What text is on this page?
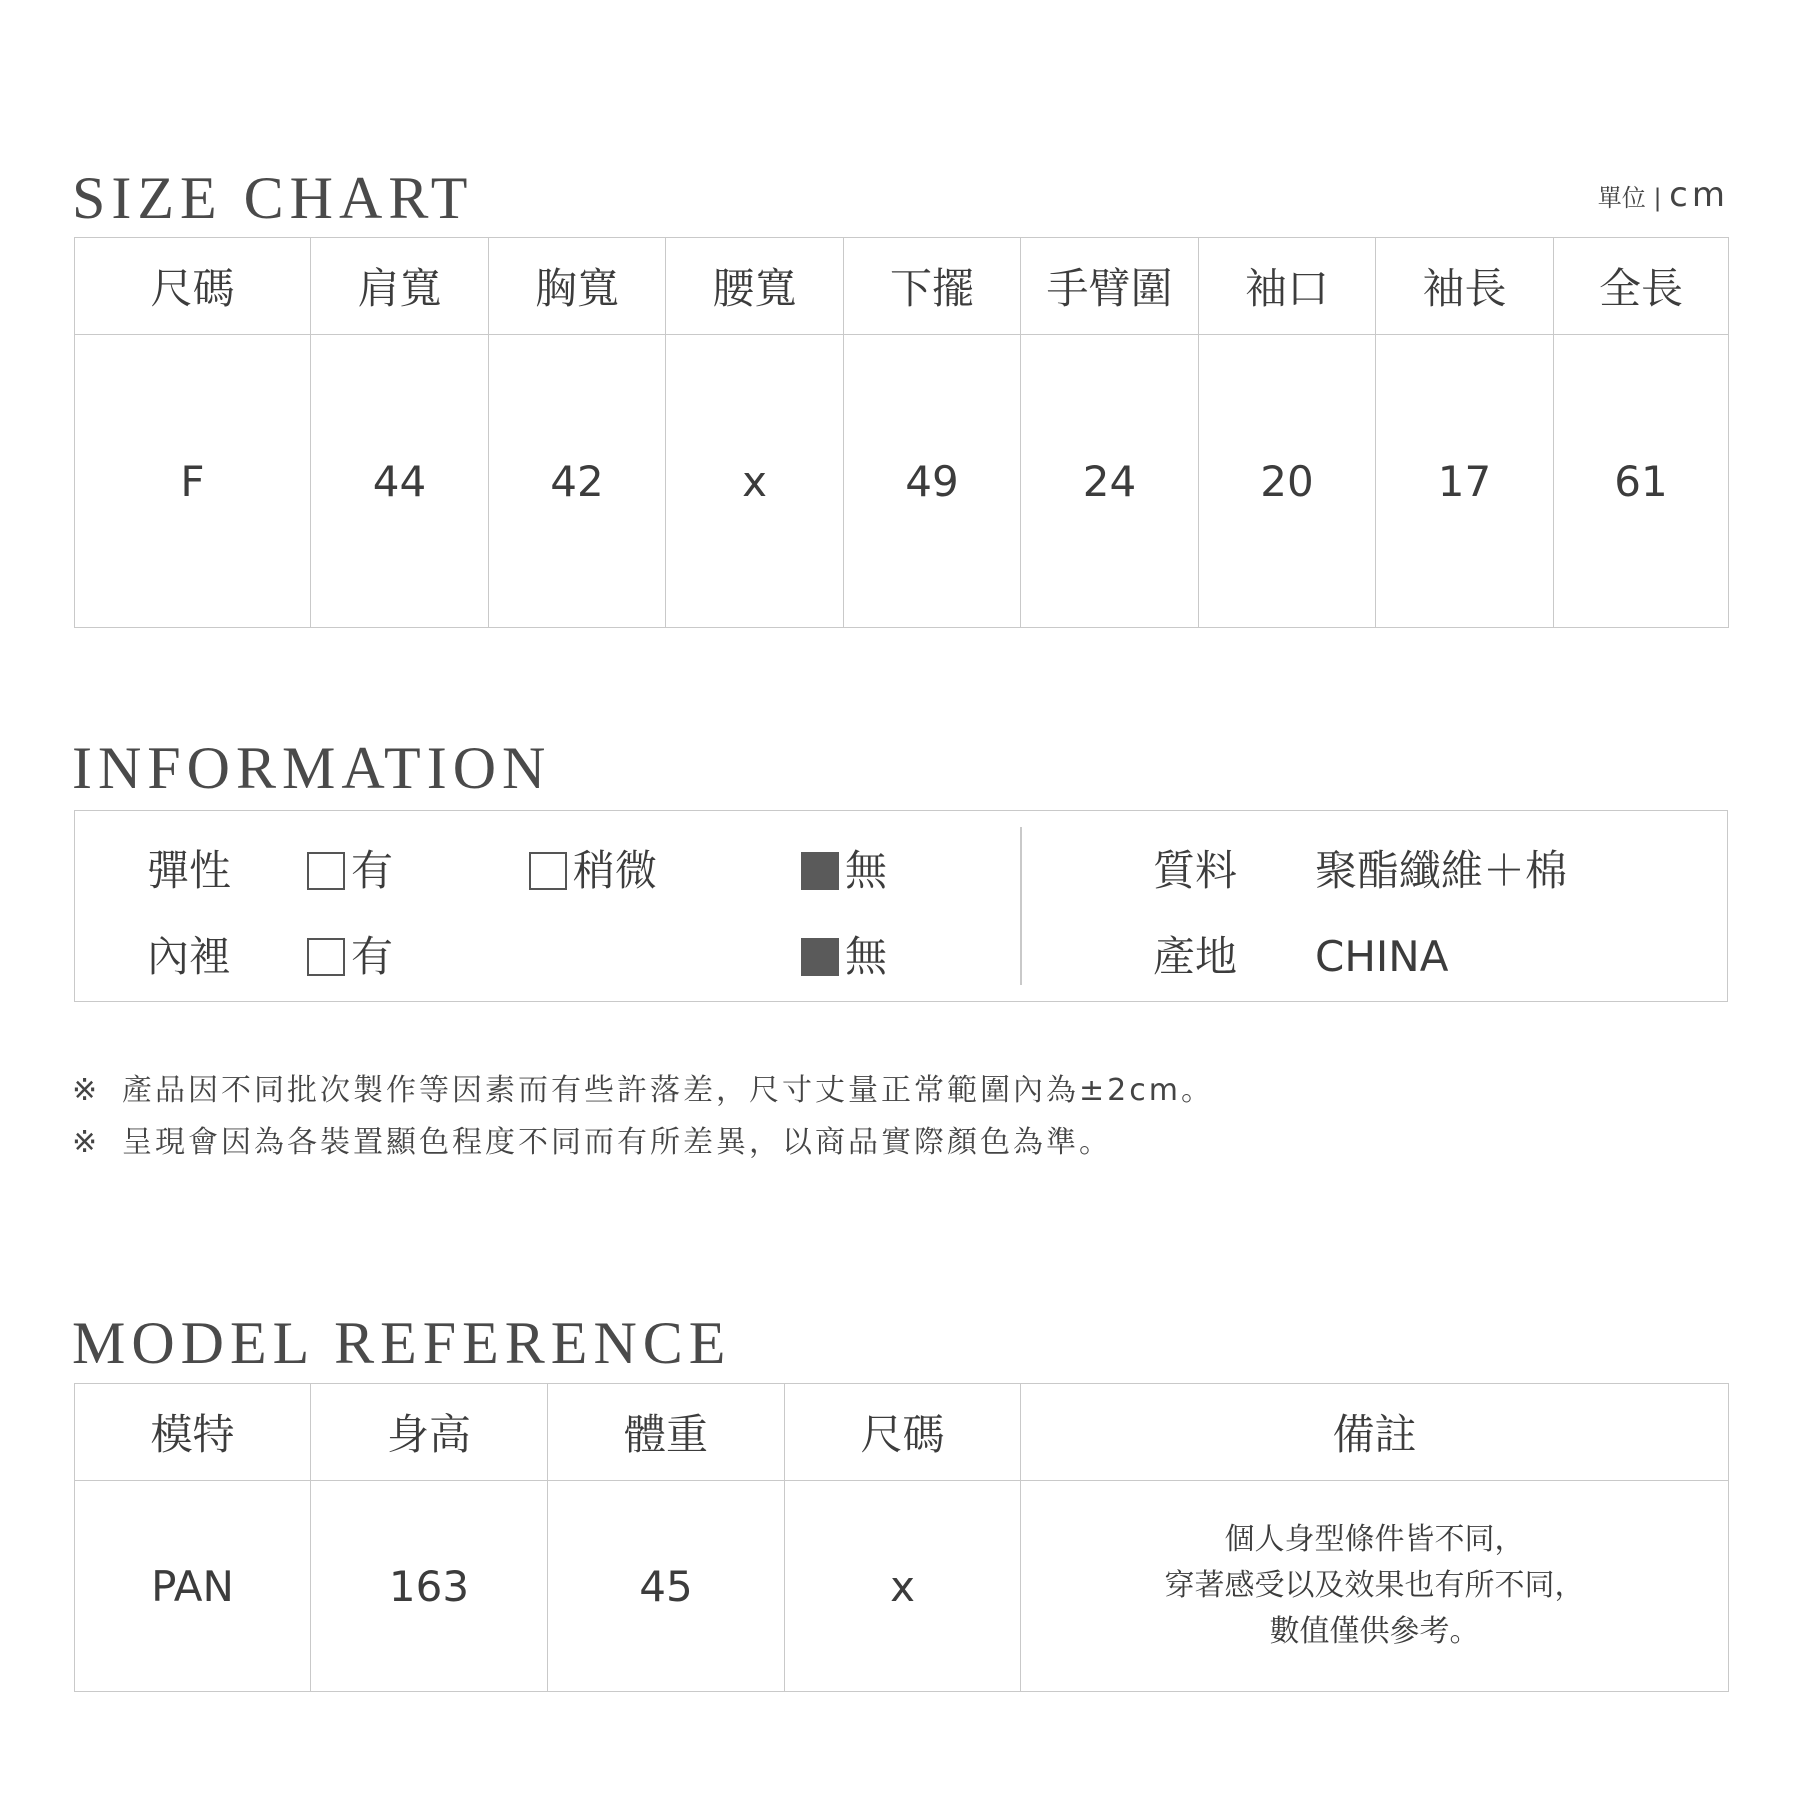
SIZE CHART	單位 | cm
尺碼	肩寬	胸寬	腰寬	下擺	手臂圍	袖口	袖長	全長
F	44	42	x	49	24	20	17	61
INFORMATION
彈性	有	稍微	無	質料 聚酯纖維＋棉
內裡	有	無	產地 CHINA
※ 產品因不同批次製作等因素而有些許落差，尺寸丈量正常範圍內為±2cm。
※ 呈現會因為各裝置顯色程度不同而有所差異，以商品實際顏色為準。
MODEL REFERENCE
模特	身高	體重	尺碼	備註
PAN	163	45	x	個人身型條件皆不同，
穿著感受以及效果也有所不同，
數值僅供參考。
